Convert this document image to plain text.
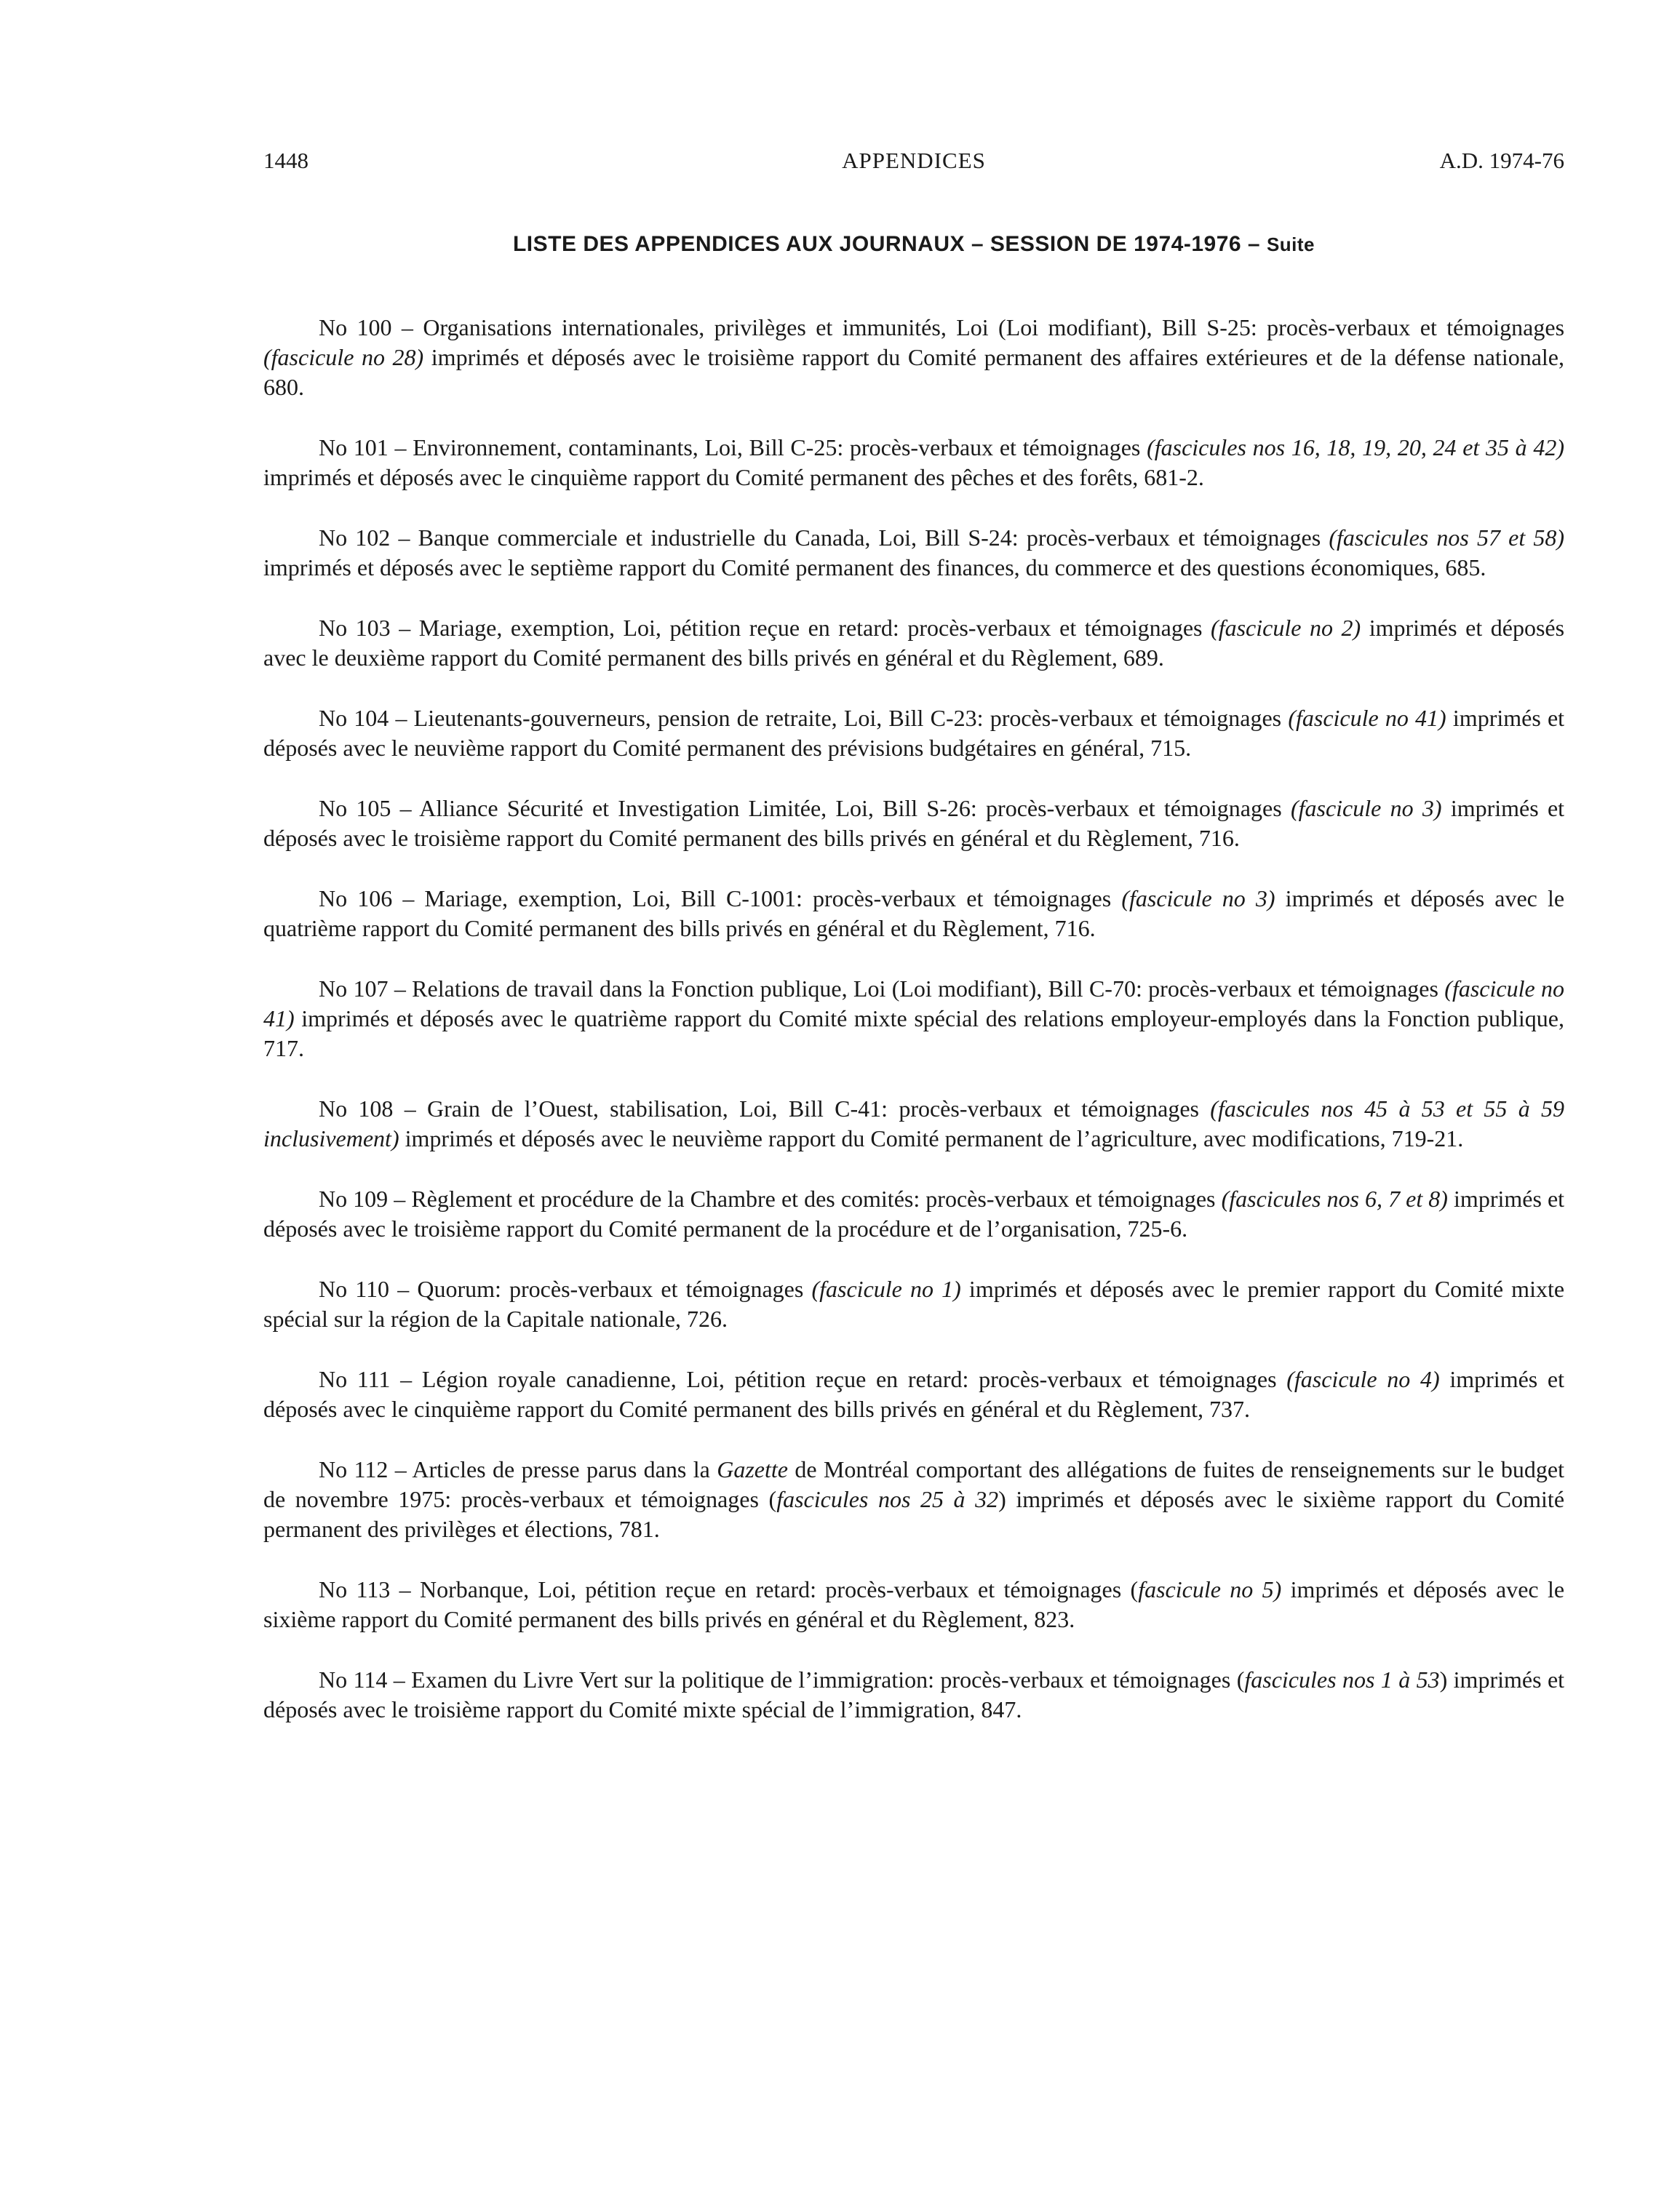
1448	APPENDICES	A.D. 1974-76
LISTE DES APPENDICES AUX JOURNAUX – SESSION DE 1974-1976 – Suite

No 100 – Organisations internationales, privilèges et immunités, Loi (Loi modifiant), Bill S-25: procès-verbaux et témoignages (fascicule no 28) imprimés et déposés avec le troisième rapport du Comité permanent des affaires extérieures et de la défense nationale, 680.

No 101 – Environnement, contaminants, Loi, Bill C-25: procès-verbaux et témoignages (fascicules nos 16, 18, 19, 20, 24 et 35 à 42) imprimés et déposés avec le cinquième rapport du Comité permanent des pêches et des forêts, 681-2.

No 102 – Banque commerciale et industrielle du Canada, Loi, Bill S-24: procès-verbaux et témoignages (fascicules nos 57 et 58) imprimés et déposés avec le septième rapport du Comité permanent des finances, du commerce et des questions économiques, 685.

No 103 – Mariage, exemption, Loi, pétition reçue en retard: procès-verbaux et témoignages (fascicule no 2) imprimés et déposés avec le deuxième rapport du Comité permanent des bills privés en général et du Règlement, 689.

No 104 – Lieutenants-gouverneurs, pension de retraite, Loi, Bill C-23: procès-verbaux et témoignages (fascicule no 41) imprimés et déposés avec le neuvième rapport du Comité permanent des prévisions budgétaires en général, 715.

No 105 – Alliance Sécurité et Investigation Limitée, Loi, Bill S-26: procès-verbaux et témoignages (fascicule no 3) imprimés et déposés avec le troisième rapport du Comité permanent des bills privés en général et du Règlement, 716.

No 106 – Mariage, exemption, Loi, Bill C-1001: procès-verbaux et témoignages (fascicule no 3) imprimés et déposés avec le quatrième rapport du Comité permanent des bills privés en général et du Règlement, 716.

No 107 – Relations de travail dans la Fonction publique, Loi (Loi modifiant), Bill C-70: procès-verbaux et témoignages (fascicule no 41) imprimés et déposés avec le quatrième rapport du Comité mixte spécial des relations employeur-employés dans la Fonction publique, 717.

No 108 – Grain de l’Ouest, stabilisation, Loi, Bill C-41: procès-verbaux et témoignages (fascicules nos 45 à 53 et 55 à 59 inclusivement) imprimés et déposés avec le neuvième rapport du Comité permanent de l’agriculture, avec modifications, 719-21.

No 109 – Règlement et procédure de la Chambre et des comités: procès-verbaux et témoignages (fascicules nos 6, 7 et 8) imprimés et déposés avec le troisième rapport du Comité permanent de la procédure et de l’organisation, 725-6.

No 110 – Quorum: procès-verbaux et témoignages (fascicule no 1) imprimés et déposés avec le premier rapport du Comité mixte spécial sur la région de la Capitale nationale, 726.

No 111 – Légion royale canadienne, Loi, pétition reçue en retard: procès-verbaux et témoignages (fascicule no 4) imprimés et déposés avec le cinquième rapport du Comité permanent des bills privés en général et du Règlement, 737.

No 112 – Articles de presse parus dans la Gazette de Montréal comportant des allégations de fuites de renseignements sur le budget de novembre 1975: procès-verbaux et témoignages (fascicules nos 25 à 32) imprimés et déposés avec le sixième rapport du Comité permanent des privilèges et élections, 781.

No 113 – Norbanque, Loi, pétition reçue en retard: procès-verbaux et témoignages (fascicule no 5) imprimés et déposés avec le sixième rapport du Comité permanent des bills privés en général et du Règlement, 823.

No 114 – Examen du Livre Vert sur la politique de l’immigration: procès-verbaux et témoignages (fascicules nos 1 à 53) imprimés et déposés avec le troisième rapport du Comité mixte spécial de l’immigration, 847.
